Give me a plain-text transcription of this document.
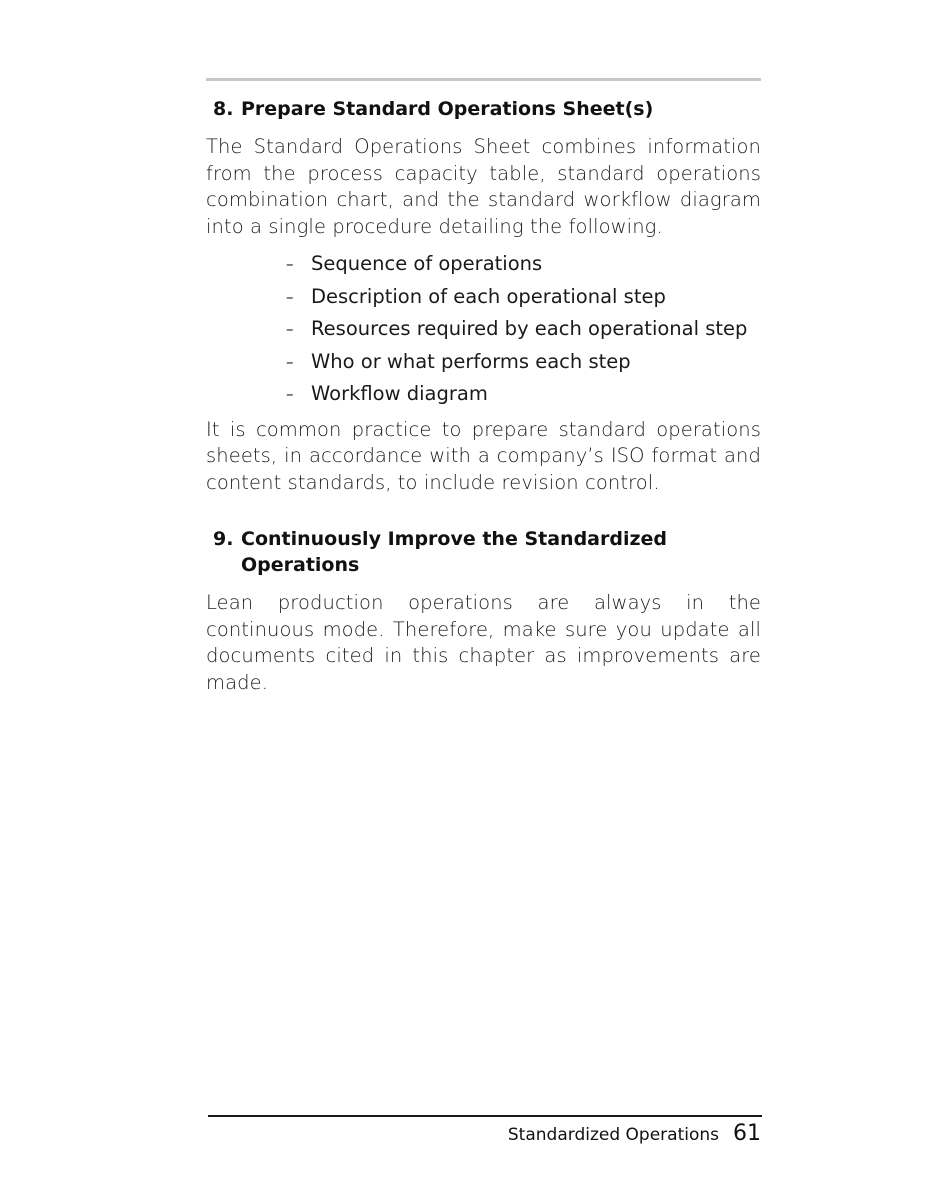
8. Prepare Standard Operations Sheet(s)

The Standard Operations Sheet combines information from the process capacity table, standard operations combination chart, and the standard workflow diagram into a single procedure detailing the following.

– Sequence of operations
– Description of each operational step
– Resources required by each operational step
– Who or what performs each step
– Workflow diagram

It is common practice to prepare standard operations sheets, in accordance with a company’s ISO format and content standards, to include revision control.

9. Continuously Improve the Standardized Operations

Lean production operations are always in the continuous mode. Therefore, make sure you update all documents cited in this chapter as improvements are made.

Standardized Operations 61
